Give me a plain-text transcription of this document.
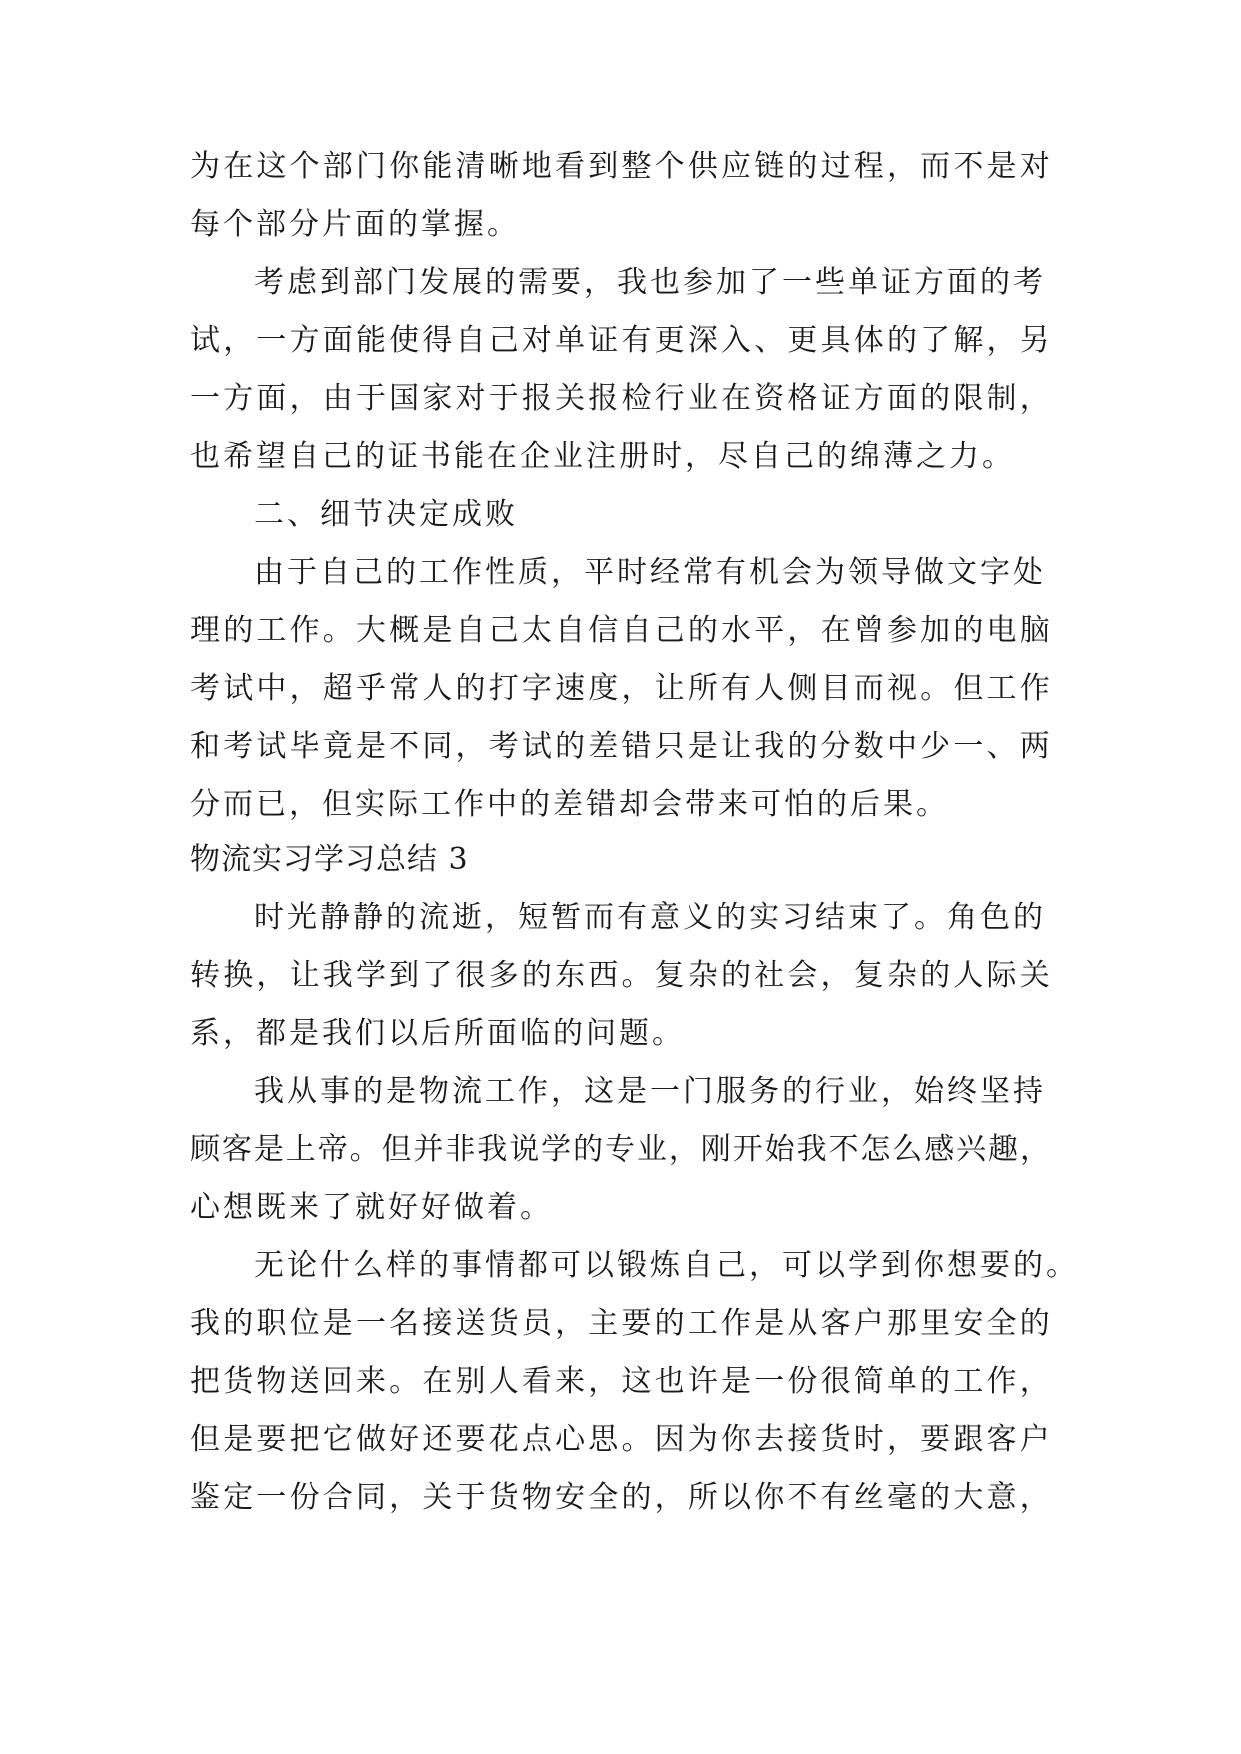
为 在 这 个 部 门 你 能 清 晰 地 看 到 整 个 供 应 链 的 过 程 ， 而 不 是 对
每个部分片面的掌握。
考虑到部门发展的需要，我也参加了一些单证方面的考
试 ， 一 方 面 能 使 得 自 己 对 单 证 有 更 深 入 、 更 具 体 的 了 解 ， 另
一 方 面 ， 由 于 国 家 对 于 报 关 报 检 行 业 在 资 格 证 方 面 的 限 制 ，
也希望自己的证书能在企业注册时，尽自己的绵薄之力。
二、细节决定成败
由于自己的工作性质，平时经常有机会为领导做文字处
理 的 工 作 。 大 概 是 自 己 太 自 信 自 己 的 水 平 ， 在 曾 参 加 的 电 脑
考 试 中 ， 超 乎 常 人 的 打 字 速 度 ， 让 所 有 人 侧 目 而 视 。 但 工 作
和 考 试 毕 竟 是 不 同 ， 考 试 的 差 错 只 是 让 我 的 分 数 中 少 一 、 两
分而已，但实际工作中的差错却会带来可怕的后果。
物流实习学习总结 3
时光静静的流逝，短暂而有意义的实习结束了。角色的
转 换 ， 让 我 学 到 了 很 多 的 东 西 。 复 杂 的 社 会 ， 复 杂 的 人 际 关
系，都是我们以后所面临的问题。
我从事的是物流工作，这是一门服务的行业，始终坚持
顾 客 是 上 帝 。 但 并 非 我 说 学 的 专 业 ， 刚 开 始 我 不 怎 么 感 兴 趣 ，
心想既来了就好好做着。
无论什么样的事情都可以锻炼自己，可以学到你想要的。
我 的 职 位 是 一 名 接 送 货 员 ， 主 要 的 工 作 是 从 客 户 那 里 安 全 的
把 货 物 送 回 来 。 在 别 人 看 来 ， 这 也 许 是 一 份 很 简 单 的 工 作 ，
但 是 要 把 它 做 好 还 要 花 点 心 思 。 因 为 你 去 接 货 时 ， 要 跟 客 户
鉴 定 一 份 合 同 ， 关 于 货 物 安 全 的 ， 所 以 你 不 有 丝 毫 的 大 意 ，
